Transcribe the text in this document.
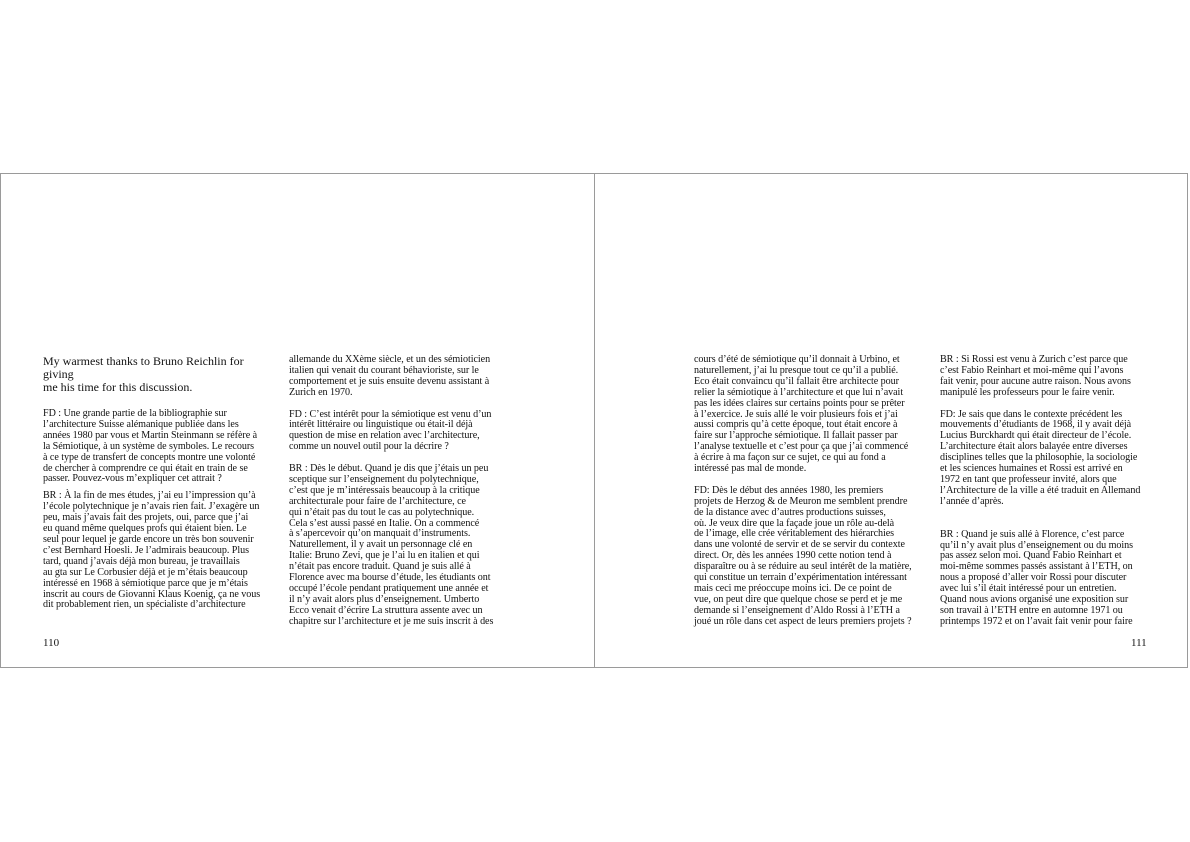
My warmest thanks to Bruno Reichlin for giving
me his time for this discussion.

FD : Une grande partie de la bibliographie sur
l’architecture Suisse alémanique publiée dans les
années 1980 par vous et Martin Steinmann se réfère à
la Sémiotique, à un système de symboles. Le recours
à ce type de transfert de concepts montre une volonté
de chercher à comprendre ce qui était en train de se
passer. Pouvez-vous m’expliquer cet attrait ?

BR : À la fin de mes études, j’ai eu l’impression qu’à
l’école polytechnique je n’avais rien fait. J’exagère un
peu, mais j’avais fait des projets, oui, parce que j’ai
eu quand même quelques profs qui étaient bien. Le
seul pour lequel je garde encore un très bon souvenir
c’est Bernhard Hoesli. Je l’admirais beaucoup. Plus
tard, quand j’avais déjà mon bureau, je travaillais
au gta sur Le Corbusier déjà et je m’étais beaucoup
intéressé en 1968 à sémiotique parce que je m’étais
inscrit au cours de Giovanni Klaus Koenig, ça ne vous
dit probablement rien, un spécialiste d’architecture

allemande du XXème siècle, et un des sémioticien
italien qui venait du courant béhavioriste, sur le
comportement et je suis ensuite devenu assistant à
Zurich en 1970.

FD : C’est intérêt pour la sémiotique est venu d’un
intérêt littéraire ou linguistique ou était-il déjà
question de mise en relation avec l’architecture,
comme un nouvel outil pour la décrire ?

BR : Dès le début. Quand je dis que j’étais un peu
sceptique sur l’enseignement du polytechnique,
c’est que je m’intéressais beaucoup à la critique
architecturale pour faire de l’architecture, ce
qui n’était pas du tout le cas au polytechnique.
Cela s’est aussi passé en Italie. On a commencé
à s’apercevoir qu’on manquait d’instruments.
Naturellement, il y avait un personnage clé en
Italie: Bruno Zevi, que je l’ai lu en italien et qui
n’était pas encore traduit. Quand je suis allé à
Florence avec ma bourse d’étude, les étudiants ont
occupé l’école pendant pratiquement une année et
il n’y avait alors plus d’enseignement. Umberto
Ecco venait d’écrire La struttura assente avec un
chapitre sur l’architecture et je me suis inscrit à des

110

cours d’été de sémiotique qu’il donnait à Urbino, et
naturellement, j’ai lu presque tout ce qu’il a publié.
Eco était convaincu qu’il fallait être architecte pour
relier la sémiotique à l’architecture et que lui n’avait
pas les idées claires sur certains points pour se prêter
à l’exercice. Je suis allé le voir plusieurs fois et j’ai
aussi compris qu’à cette époque, tout était encore à
faire sur l’approche sémiotique. Il fallait passer par
l’analyse textuelle et c’est pour ça que j’ai commencé
à écrire à ma façon sur ce sujet, ce qui au fond a
intéressé pas mal de monde.

FD: Dès le début des années 1980, les premiers
projets de Herzog & de Meuron me semblent prendre
de la distance avec d’autres productions suisses,
où. Je veux dire que la façade joue un rôle au-delà
de l’image, elle crée véritablement des hiérarchies
dans une volonté de servir et de se servir du contexte
direct. Or, dès les années 1990 cette notion tend à
disparaître ou à se réduire au seul intérêt de la matière,
qui constitue un terrain d’expérimentation intéressant
mais ceci me préoccupe moins ici. De ce point de
vue, on peut dire que quelque chose se perd et je me
demande si l’enseignement d’Aldo Rossi à l’ETH a
joué un rôle dans cet aspect de leurs premiers projets ?

BR : Si Rossi est venu à Zurich c’est parce que
c’est Fabio Reinhart et moi-même qui l’avons
fait venir, pour aucune autre raison. Nous avons
manipulé les professeurs pour le faire venir.

FD: Je sais que dans le contexte précédent les
mouvements d’étudiants de 1968, il y avait déjà
Lucius Burckhardt qui était directeur de l’école.
L’architecture était alors balayée entre diverses
disciplines telles que la philosophie, la sociologie
et les sciences humaines et Rossi est arrivé en
1972 en tant que professeur invité, alors que
l’Architecture de la ville a été traduit en Allemand
l’année d’après.

BR : Quand je suis allé à Florence, c’est parce
qu’il n’y avait plus d’enseignement ou du moins
pas assez selon moi. Quand Fabio Reinhart et
moi-même sommes passés assistant à l’ETH, on
nous a proposé d’aller voir Rossi pour discuter
avec lui s’il était intéressé pour un entretien.
Quand nous avions organisé une exposition sur
son travail à l’ETH entre en automne 1971 ou
printemps 1972 et on l’avait fait venir pour faire

111
